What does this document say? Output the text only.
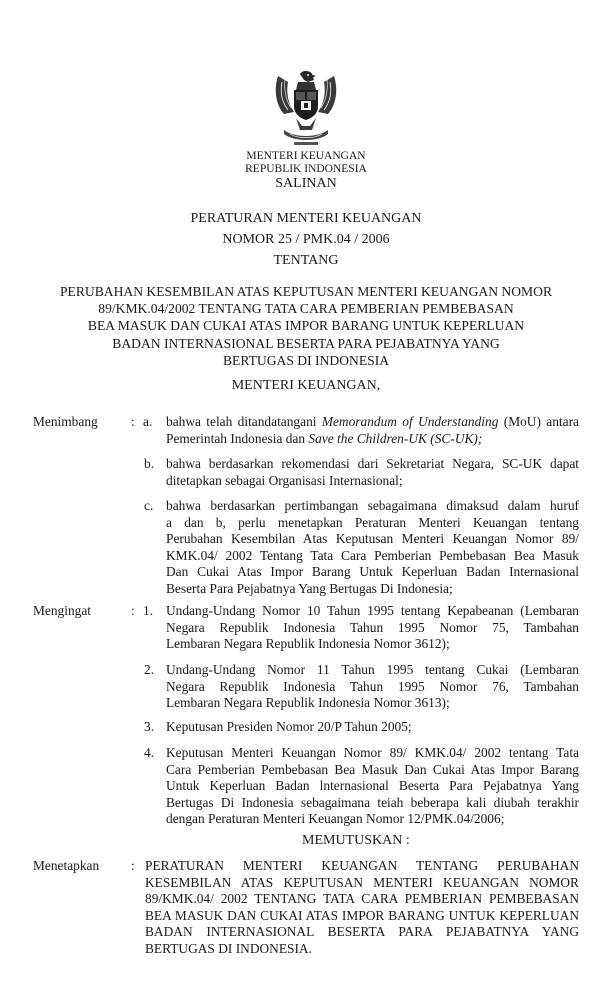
MENTERI KEUANGAN
REPUBLIK INDONESIA
SALINAN
PERATURAN MENTERI KEUANGAN
NOMOR 25 / PMK.04 / 2006
TENTANG
PERUBAHAN KESEMBILAN ATAS KEPUTUSAN MENTERI KEUANGAN NOMOR
89/KMK.04/2002 TENTANG TATA CARA PEMBERIAN PEMBEBASAN
BEA MASUK DAN CUKAI ATAS IMPOR BARANG UNTUK KEPERLUAN
BADAN INTERNASIONAL BESERTA PARA PEJABATNYA YANG
BERTUGAS DI INDONESIA
MENTERI KEUANGAN,
Menimbang : a. bahwa telah ditandatangani Memorandum of Understanding (MoU) antara
Pemerintah Indonesia dan Save the Children-UK (SC-UK);
b. bahwa berdasarkan rekomendasi dari Sekretariat Negara, SC-UK dapat
ditetapkan sebagai Organisasi Internasional;
c. bahwa berdasarkan pertimbangan sebagaimana dimaksud dalam huruf
a dan b, perlu menetapkan Peraturan Menteri Keuangan tentang
Perubahan Kesembilan Atas Keputusan Menteri Keuangan Nomor 89/
KMK.04/ 2002 Tentang Tata Cara Pemberian Pembebasan Bea Masuk
Dan Cukai Atas Impor Barang Untuk Keperluan Badan Internasional
Beserta Para Pejabatnya Yang Bertugas Di Indonesia;
Mengingat	: 1. Undang-Undang Nomor 10 Tahun 1995 tentang Kepabeanan (Lembaran
Negara Republik Indonesia Tahun 1995 Nomor 75, Tambahan
Lembaran Negara Republik Indonesia Nomor 3612);
2. Undang-Undang Nomor 11 Tahun 1995 tentang Cukai (Lembaran
Negara Republik Indonesia Tahun 1995 Nomor 76, Tambahan
Lembaran Negara Republik Indonesia Nomor 3613);
3. Keputusan Presiden Nomor 20/P Tahun 2005;
4. Keputusan Menteri Keuangan Nomor 89/ KMK.04/ 2002 tentang Tata
Cara Pemberian Pembebasan Bea Masuk Dan Cukai Atas Impor Barang
Untuk Keperluan Badan lnternasional Beserta Para Pejabatnya Yang
Bertugas Di Indonesia sebagaimana teiah beberapa kali diubah terakhir
dengan Peraturan Menteri Keuangan Nomor 12/PMK.04/2006;
MEMUTUSKAN :
Menetapkan : PERATURAN MENTERI KEUANGAN TENTANG PERUBAHAN
KESEMBILAN ATAS KEPUTUSAN MENTERI KEUANGAN NOMOR
89/KMK.04/ 2002 TENTANG TATA CARA PEMBERIAN PEMBEBASAN
BEA MASUK DAN CUKAI ATAS IMPOR BARANG UNTUK KEPERLUAN
BADAN INTERNASIONAL BESERTA PARA PEJABATNYA YANG
BERTUGAS DI INDONESIA.
